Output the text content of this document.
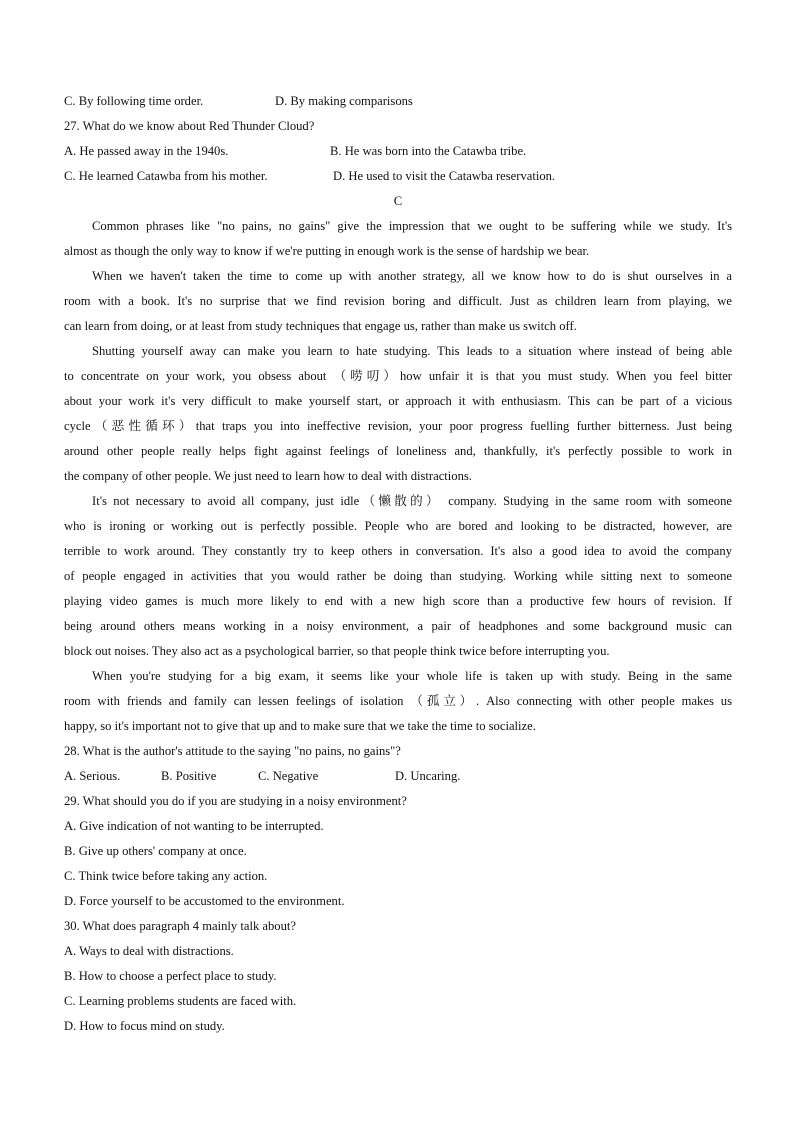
C. By following time order.	D. By making comparisons
27. What do we know about Red Thunder Cloud?
A. He passed away in the 1940s.	B. He was born into the Catawba tribe.
C. He learned Catawba from his mother.	D. He used to visit the Catawba reservation.
C
Common phrases like "no pains, no gains" give the impression that we ought to be suffering while we study. It's
almost as though the only way to know if we're putting in enough work is the sense of hardship we bear.
When we haven't taken the time to come up with another strategy, all we know how to do is shut ourselves in a
room with a book. It's no surprise that we find revision boring and difficult. Just as children learn from playing, we
can learn from doing, or at least from study techniques that engage us, rather than make us switch off.
Shutting yourself away can make you learn to hate studying. This leads to a situation where instead of being able
to concentrate on your work, you obsess about （唠叨）how unfair it is that you must study. When you feel bitter
about your work it's very difficult to make yourself start, or approach it with enthusiasm. This can be part of a vicious
cycle（恶性循环）that traps you into ineffective revision, your poor progress fuelling further bitterness. Just being
around other people really helps fight against feelings of loneliness and, thankfully, it's perfectly possible to work in
the company of other people. We just need to learn how to deal with distractions.
It's not necessary to avoid all company, just idle（懒散的） company. Studying in the same room with someone
who is ironing or working out is perfectly possible. People who are bored and looking to be distracted, however, are
terrible to work around. They constantly try to keep others in conversation. It's also a good idea to avoid the company
of people engaged in activities that you would rather be doing than studying. Working while sitting next to someone
playing video games is much more likely to end with a new high score than a productive few hours of revision. If
being around others means working in a noisy environment, a pair of headphones and some background music can
block out noises. They also act as a psychological barrier, so that people think twice before interrupting you.
When you're studying for a big exam, it seems like your whole life is taken up with study. Being in the same
room with friends and family can lessen feelings of isolation （孤立）. Also connecting with other people makes us
happy, so it's important not to give that up and to make sure that we take the time to socialize.
28. What is the author's attitude to the saying "no pains, no gains"?
A. Serious.	B. Positive	C. Negative	D. Uncaring.
29. What should you do if you are studying in a noisy environment?
A. Give indication of not wanting to be interrupted.
B. Give up others' company at once.
C. Think twice before taking any action.
D. Force yourself to be accustomed to the environment.
30. What does paragraph 4 mainly talk about?
A. Ways to deal with distractions.
B. How to choose a perfect place to study.
C. Learning problems students are faced with.
D. How to focus mind on study.
